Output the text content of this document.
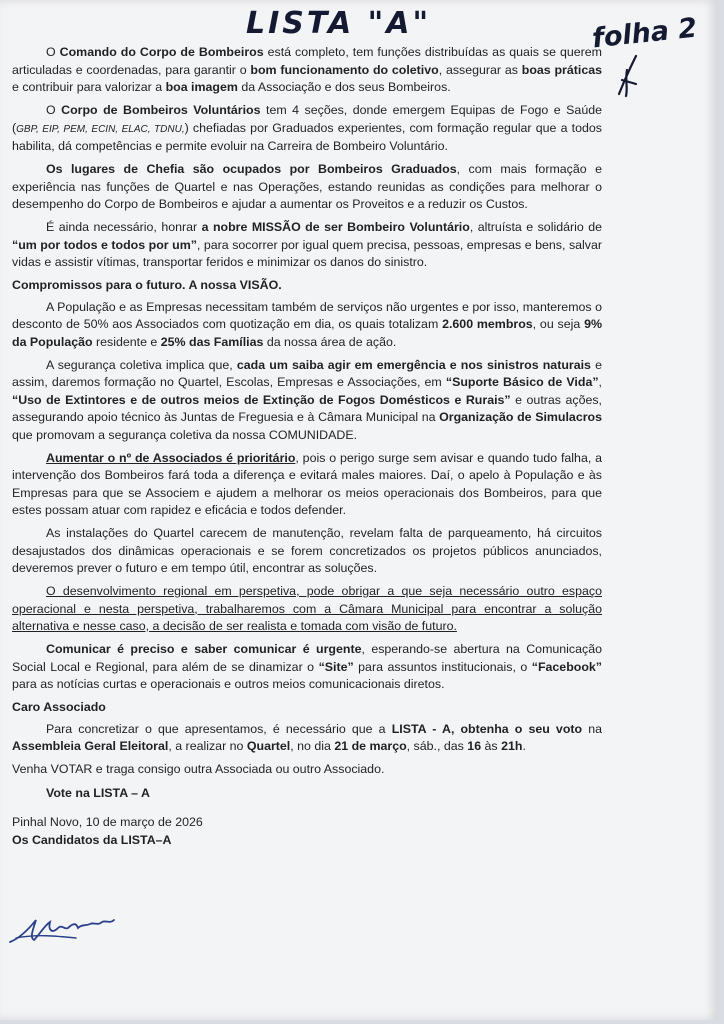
LISTA "A"	folha 2

O Comando do Corpo de Bombeiros está completo, tem funções distribuídas as quais se querem articuladas e coordenadas, para garantir o bom funcionamento do coletivo, assegurar as boas práticas e contribuir para valorizar a boa imagem da Associação e dos seus Bombeiros.

O Corpo de Bombeiros Voluntários tem 4 seções, donde emergem Equipas de Fogo e Saúde (GBP, EIP, PEM, ECIN, ELAC, TDNU,) chefiadas por Graduados experientes, com formação regular que a todos habilita, dá competências e permite evoluir na Carreira de Bombeiro Voluntário.

Os lugares de Chefia são ocupados por Bombeiros Graduados, com mais formação e experiência nas funções de Quartel e nas Operações, estando reunidas as condições para melhorar o desempenho do Corpo de Bombeiros e ajudar a aumentar os Proveitos e a reduzir os Custos.

É ainda necessário, honrar a nobre MISSÃO de ser Bombeiro Voluntário, altruísta e solidário de “um por todos e todos por um”, para socorrer por igual quem precisa, pessoas, empresas e bens, salvar vidas e assistir vítimas, transportar feridos e minimizar os danos do sinistro.

Compromissos para o futuro. A nossa VISÃO.

A População e as Empresas necessitam também de serviços não urgentes e por isso, manteremos o desconto de 50% aos Associados com quotização em dia, os quais totalizam 2.600 membros, ou seja 9% da População residente e 25% das Famílias da nossa área de ação.

A segurança coletiva implica que, cada um saiba agir em emergência e nos sinistros naturais e assim, daremos formação no Quartel, Escolas, Empresas e Associações, em “Suporte Básico de Vida”, “Uso de Extintores e de outros meios de Extinção de Fogos Domésticos e Rurais” e outras ações, assegurando apoio técnico às Juntas de Freguesia e à Câmara Municipal na Organização de Simulacros que promovam a segurança coletiva da nossa COMUNIDADE.

Aumentar o nº de Associados é prioritário, pois o perigo surge sem avisar e quando tudo falha, a intervenção dos Bombeiros fará toda a diferença e evitará males maiores. Daí, o apelo à População e às Empresas para que se Associem e ajudem a melhorar os meios operacionais dos Bombeiros, para que estes possam atuar com rapidez e eficácia e todos defender.

As instalações do Quartel carecem de manutenção, revelam falta de parqueamento, há circuitos desajustados dos dinâmicas operacionais e se forem concretizados os projetos públicos anunciados, deveremos prever o futuro e em tempo útil, encontrar as soluções.

O desenvolvimento regional em perspetiva, pode obrigar a que seja necessário outro espaço operacional e nesta perspetiva, trabalharemos com a Câmara Municipal para encontrar a solução alternativa e nesse caso, a decisão de ser realista e tomada com visão de futuro.

Comunicar é preciso e saber comunicar é urgente, esperando-se abertura na Comunicação Social Local e Regional, para além de se dinamizar o “Site” para assuntos institucionais, o “Facebook” para as notícias curtas e operacionais e outros meios comunicacionais diretos.

Caro Associado

Para concretizar o que apresentamos, é necessário que a LISTA - A, obtenha o seu voto na Assembleia Geral Eleitoral, a realizar no Quartel, no dia 21 de março, sáb., das 16 às 21h.

Venha VOTAR e traga consigo outra Associada ou outro Associado.

Vote na LISTA – A

Pinhal Novo, 10 de março de 2026

Os Candidatos da LISTA–A
